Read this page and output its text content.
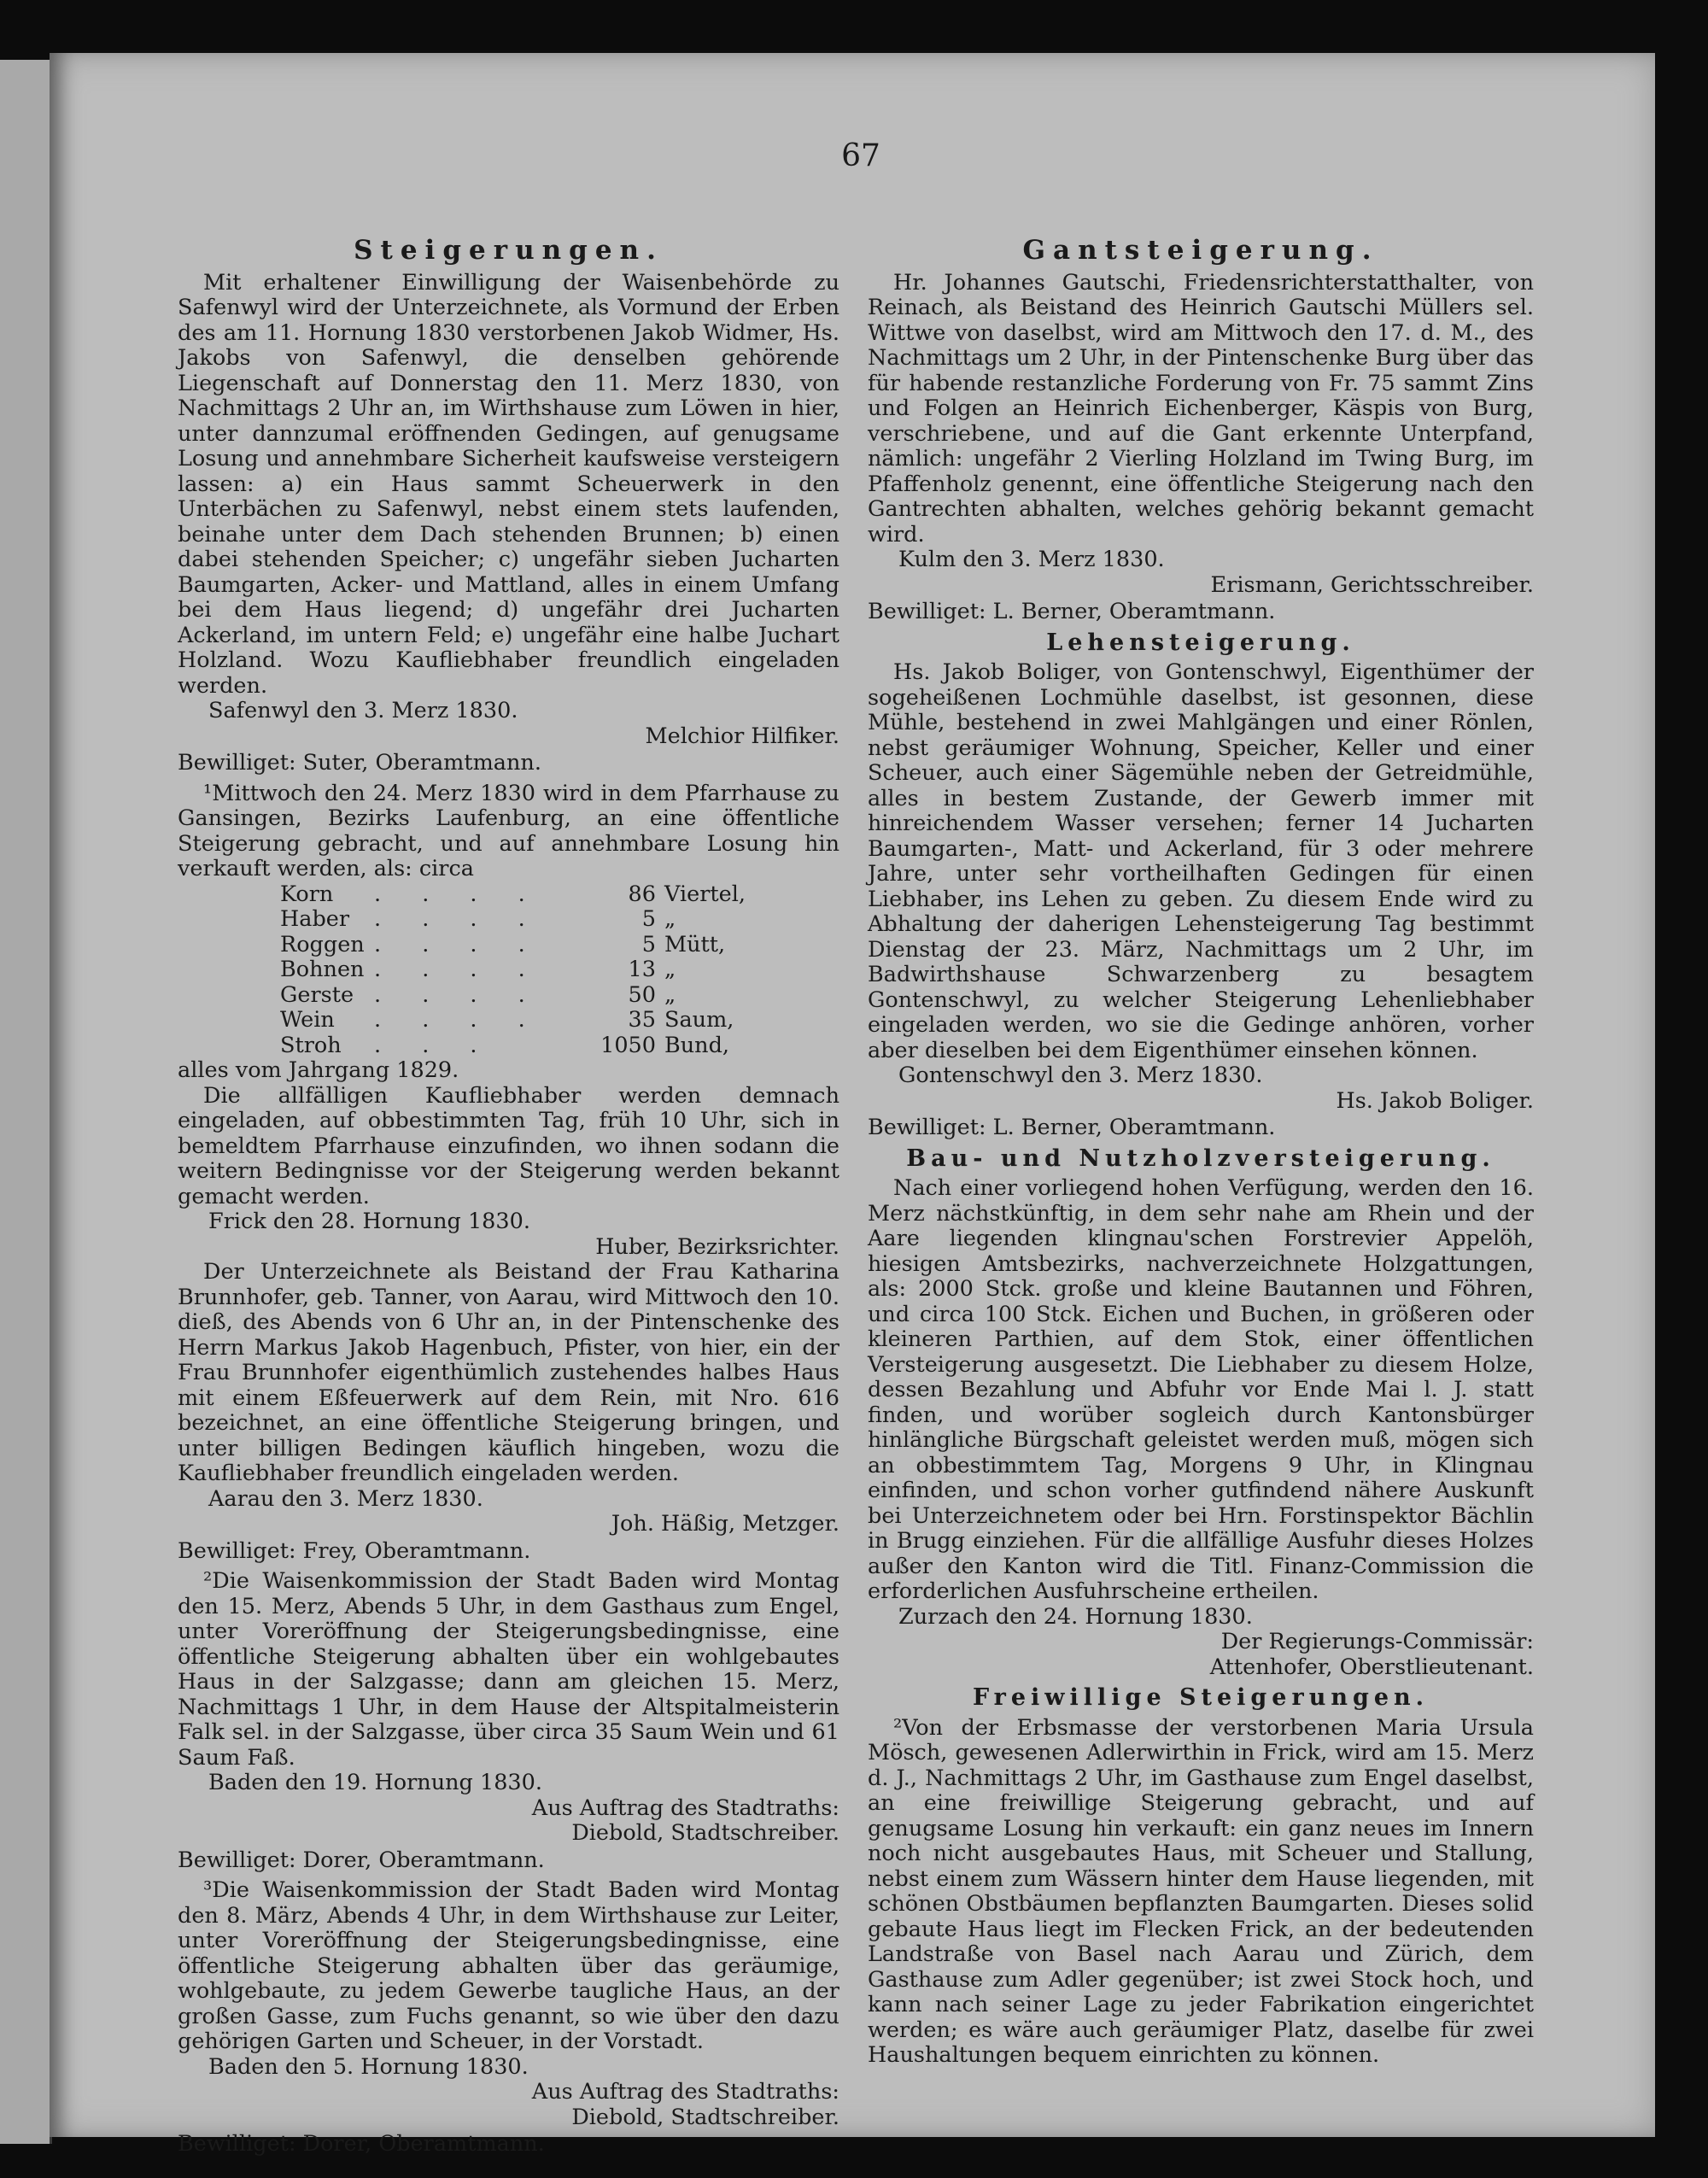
67
Steigerungen.

Mit erhaltener Einwilligung der Waisenbehörde zu Safenwyl wird der Unterzeichnete, als Vormund der Erben des am 11. Hornung 1830 verstorbenen Jakob Widmer, Hs. Jakobs von Safenwyl, die denselben gehörende Liegenschaft auf Donnerstag den 11. Merz 1830, von Nachmittags 2 Uhr an, im Wirthshause zum Löwen in hier, unter dannzumal eröffnenden Gedingen, auf genugsame Losung und annehmbare Sicherheit kaufsweise versteigern lassen: a) ein Haus sammt Scheuerwerk in den Unterbächen zu Safenwyl, nebst einem stets laufenden, beinahe unter dem Dach stehenden Brunnen; b) einen dabei stehenden Speicher; c) ungefähr sieben Jucharten Baumgarten, Acker- und Mattland, alles in einem Umfang bei dem Haus liegend; d) ungefähr drei Jucharten Ackerland, im untern Feld; e) ungefähr eine halbe Juchart Holzland. Wozu Kaufliebhaber freundlich eingeladen werden.

Safenwyl den 3. Merz 1830.

Melchior Hilfiker.

Bewilliget: Suter, Oberamtmann.

¹Mittwoch den 24. Merz 1830 wird in dem Pfarrhause zu Gansingen, Bezirks Laufenburg, an eine öffentliche Steigerung gebracht, und auf annehmbare Losung hin verkauft werden, als: circa

Korn	. . . .	86	Viertel,
Haber	. . . .	5	„
Roggen	. . . .	5	Mütt,
Bohnen	. . . .	13	„
Gerste	. . . .	50	„
Wein	. . . .	35	Saum,
Stroh	. . .	1050	Bund,

alles vom Jahrgang 1829.

Die allfälligen Kaufliebhaber werden demnach eingeladen, auf obbestimmten Tag, früh 10 Uhr, sich in bemeldtem Pfarrhause einzufinden, wo ihnen sodann die weitern Bedingnisse vor der Steigerung werden bekannt gemacht werden.

Frick den 28. Hornung 1830.

Huber, Bezirksrichter.

Der Unterzeichnete als Beistand der Frau Katharina Brunnhofer, geb. Tanner, von Aarau, wird Mittwoch den 10. dieß, des Abends von 6 Uhr an, in der Pintenschenke des Herrn Markus Jakob Hagenbuch, Pfister, von hier, ein der Frau Brunnhofer eigenthümlich zustehendes halbes Haus mit einem Eßfeuerwerk auf dem Rein, mit Nro. 616 bezeichnet, an eine öffentliche Steigerung bringen, und unter billigen Bedingen käuflich hingeben, wozu die Kaufliebhaber freundlich eingeladen werden.

Aarau den 3. Merz 1830.

Joh. Häßig, Metzger.

Bewilliget: Frey, Oberamtmann.

²Die Waisenkommission der Stadt Baden wird Montag den 15. Merz, Abends 5 Uhr, in dem Gasthaus zum Engel, unter Voreröffnung der Steigerungsbedingnisse, eine öffentliche Steigerung abhalten über ein wohlgebautes Haus in der Salzgasse; dann am gleichen 15. Merz, Nachmittags 1 Uhr, in dem Hause der Altspitalmeisterin Falk sel. in der Salzgasse, über circa 35 Saum Wein und 61 Saum Faß.

Baden den 19. Hornung 1830.

Aus Auftrag des Stadtraths:

Diebold, Stadtschreiber.

Bewilliget: Dorer, Oberamtmann.

³Die Waisenkommission der Stadt Baden wird Montag den 8. März, Abends 4 Uhr, in dem Wirthshause zur Leiter, unter Voreröffnung der Steigerungsbedingnisse, eine öffentliche Steigerung abhalten über das geräumige, wohlgebaute, zu jedem Gewerbe taugliche Haus, an der großen Gasse, zum Fuchs genannt, so wie über den dazu gehörigen Garten und Scheuer, in der Vorstadt.

Baden den 5. Hornung 1830.

Aus Auftrag des Stadtraths:

Diebold, Stadtschreiber.

Bewilliget: Dorer, Oberamtmann.

Gantsteigerung.

Hr. Johannes Gautschi, Friedensrichterstatthalter, von Reinach, als Beistand des Heinrich Gautschi Müllers sel. Wittwe von daselbst, wird am Mittwoch den 17. d. M., des Nachmittags um 2 Uhr, in der Pintenschenke Burg über das für habende restanzliche Forderung von Fr. 75 sammt Zins und Folgen an Heinrich Eichenberger, Käspis von Burg, verschriebene, und auf die Gant erkennte Unterpfand, nämlich: ungefähr 2 Vierling Holzland im Twing Burg, im Pfaffenholz genennt, eine öffentliche Steigerung nach den Gantrechten abhalten, welches gehörig bekannt gemacht wird.

Kulm den 3. Merz 1830.

Erismann, Gerichtsschreiber.

Bewilliget: L. Berner, Oberamtmann.

Lehensteigerung.

Hs. Jakob Boliger, von Gontenschwyl, Eigenthümer der sogeheißenen Lochmühle daselbst, ist gesonnen, diese Mühle, bestehend in zwei Mahlgängen und einer Rönlen, nebst geräumiger Wohnung, Speicher, Keller und einer Scheuer, auch einer Sägemühle neben der Getreidmühle, alles in bestem Zustande, der Gewerb immer mit hinreichendem Wasser versehen; ferner 14 Jucharten Baumgarten-, Matt- und Ackerland, für 3 oder mehrere Jahre, unter sehr vortheilhaften Gedingen für einen Liebhaber, ins Lehen zu geben. Zu diesem Ende wird zu Abhaltung der daherigen Lehensteigerung Tag bestimmt Dienstag der 23. März, Nachmittags um 2 Uhr, im Badwirthshause Schwarzenberg zu besagtem Gontenschwyl, zu welcher Steigerung Lehenliebhaber eingeladen werden, wo sie die Gedinge anhören, vorher aber dieselben bei dem Eigenthümer einsehen können.

Gontenschwyl den 3. Merz 1830.

Hs. Jakob Boliger.

Bewilliget: L. Berner, Oberamtmann.

Bau- und Nutzholzversteigerung.

Nach einer vorliegend hohen Verfügung, werden den 16. Merz nächstkünftig, in dem sehr nahe am Rhein und der Aare liegenden klingnau'schen Forstrevier Appelöh, hiesigen Amtsbezirks, nachverzeichnete Holzgattungen, als: 2000 Stck. große und kleine Bautannen und Föhren, und circa 100 Stck. Eichen und Buchen, in größeren oder kleineren Parthien, auf dem Stok, einer öffentlichen Versteigerung ausgesetzt. Die Liebhaber zu diesem Holze, dessen Bezahlung und Abfuhr vor Ende Mai l. J. statt finden, und worüber sogleich durch Kantonsbürger hinlängliche Bürgschaft geleistet werden muß, mögen sich an obbestimmtem Tag, Morgens 9 Uhr, in Klingnau einfinden, und schon vorher gutfindend nähere Auskunft bei Unterzeichnetem oder bei Hrn. Forstinspektor Bächlin in Brugg einziehen. Für die allfällige Ausfuhr dieses Holzes außer den Kanton wird die Titl. Finanz-Commission die erforderlichen Ausfuhrscheine ertheilen.

Zurzach den 24. Hornung 1830.

Der Regierungs-Commissär:

Attenhofer, Oberstlieutenant.

Freiwillige Steigerungen.

²Von der Erbsmasse der verstorbenen Maria Ursula Mösch, gewesenen Adlerwirthin in Frick, wird am 15. Merz d. J., Nachmittags 2 Uhr, im Gasthause zum Engel daselbst, an eine freiwillige Steigerung gebracht, und auf genugsame Losung hin verkauft: ein ganz neues im Innern noch nicht ausgebautes Haus, mit Scheuer und Stallung, nebst einem zum Wässern hinter dem Hause liegenden, mit schönen Obstbäumen bepflanzten Baumgarten. Dieses solid gebaute Haus liegt im Flecken Frick, an der bedeutenden Landstraße von Basel nach Aarau und Zürich, dem Gasthause zum Adler gegenüber; ist zwei Stock hoch, und kann nach seiner Lage zu jeder Fabrikation eingerichtet werden; es wäre auch geräumiger Platz, daselbe für zwei Haushaltungen bequem einrichten zu können.
